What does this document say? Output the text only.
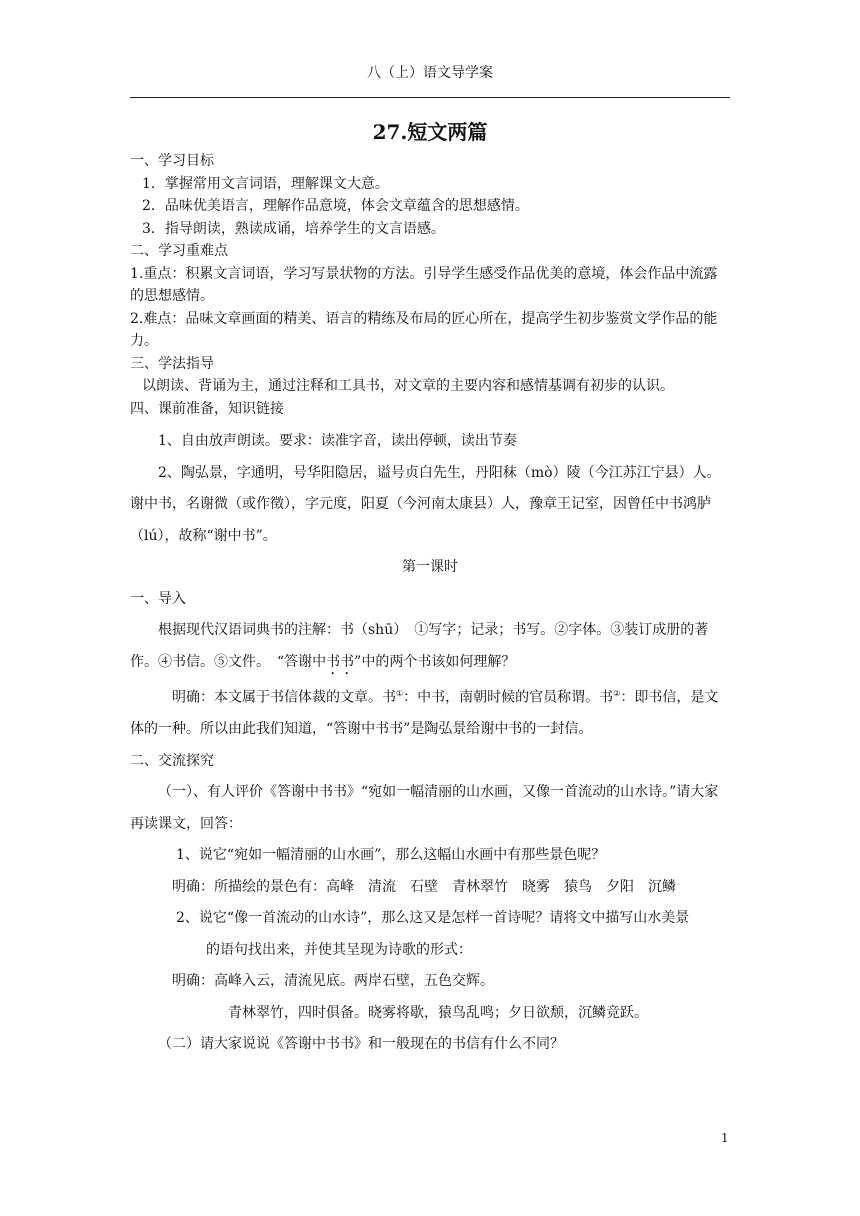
八（上）语文导学案
27.短文两篇

一、学习目标

1．掌握常用文言词语，理解课文大意。

2．品味优美语言，理解作品意境，体会文章蕴含的思想感情。

3．指导朗读，熟读成诵，培养学生的文言语感。

二、学习重难点

1.重点：积累文言词语，学习写景状物的方法。引导学生感受作品优美的意境，体会作品中流露的思想感情。

2.难点：品味文章画面的精美、语言的精练及布局的匠心所在，提高学生初步鉴赏文学作品的能力。

三、学法指导

以朗读、背诵为主，通过注释和工具书，对文章的主要内容和感情基调有初步的认识。

四、课前准备，知识链接

1、自由放声朗读。要求：读准字音，读出停顿，读出节奏

2、陶弘景，字通明，号华阳隐居，谥号贞白先生，丹阳秣（mò）陵（今江苏江宁县）人。谢中书，名谢微（或作徵），字元度，阳夏（今河南太康县）人，豫章王记室，因曾任中书鸿胪（lú），故称“谢中书”。

第一课时

一、导入

根据现代汉语词典书的注解：书（shū）　①写字；记录；书写。②字体。③装订成册的著作。④书信。⑤文件。　“答谢中书书”中的两个书该如何理解？

明确：本文属于书信体裁的文章。书①：中书，南朝时候的官员称谓。书②：即书信，是文体的一种。所以由此我们知道，“答谢中书书”是陶弘景给谢中书的一封信。

二、交流探究

（一）、有人评价《答谢中书书》“宛如一幅清丽的山水画，又像一首流动的山水诗。”请大家再读课文，回答：

1、说它“宛如一幅清丽的山水画”，那么这幅山水画中有那些景色呢？

明确：所描绘的景色有：高峰　清流　石壁　青林翠竹　晓雾　猿鸟　夕阳　沉鳞

2、说它“像一首流动的山水诗”，那么这又是怎样一首诗呢？请将文中描写山水美景

的语句找出来，并使其呈现为诗歌的形式：

明确：高峰入云，清流见底。两岸石壁，五色交辉。

青林翠竹，四时俱备。晓雾将歇，猿鸟乱鸣；夕日欲颓，沉鳞竞跃。

（二）请大家说说《答谢中书书》和一般现在的书信有什么不同？

1
